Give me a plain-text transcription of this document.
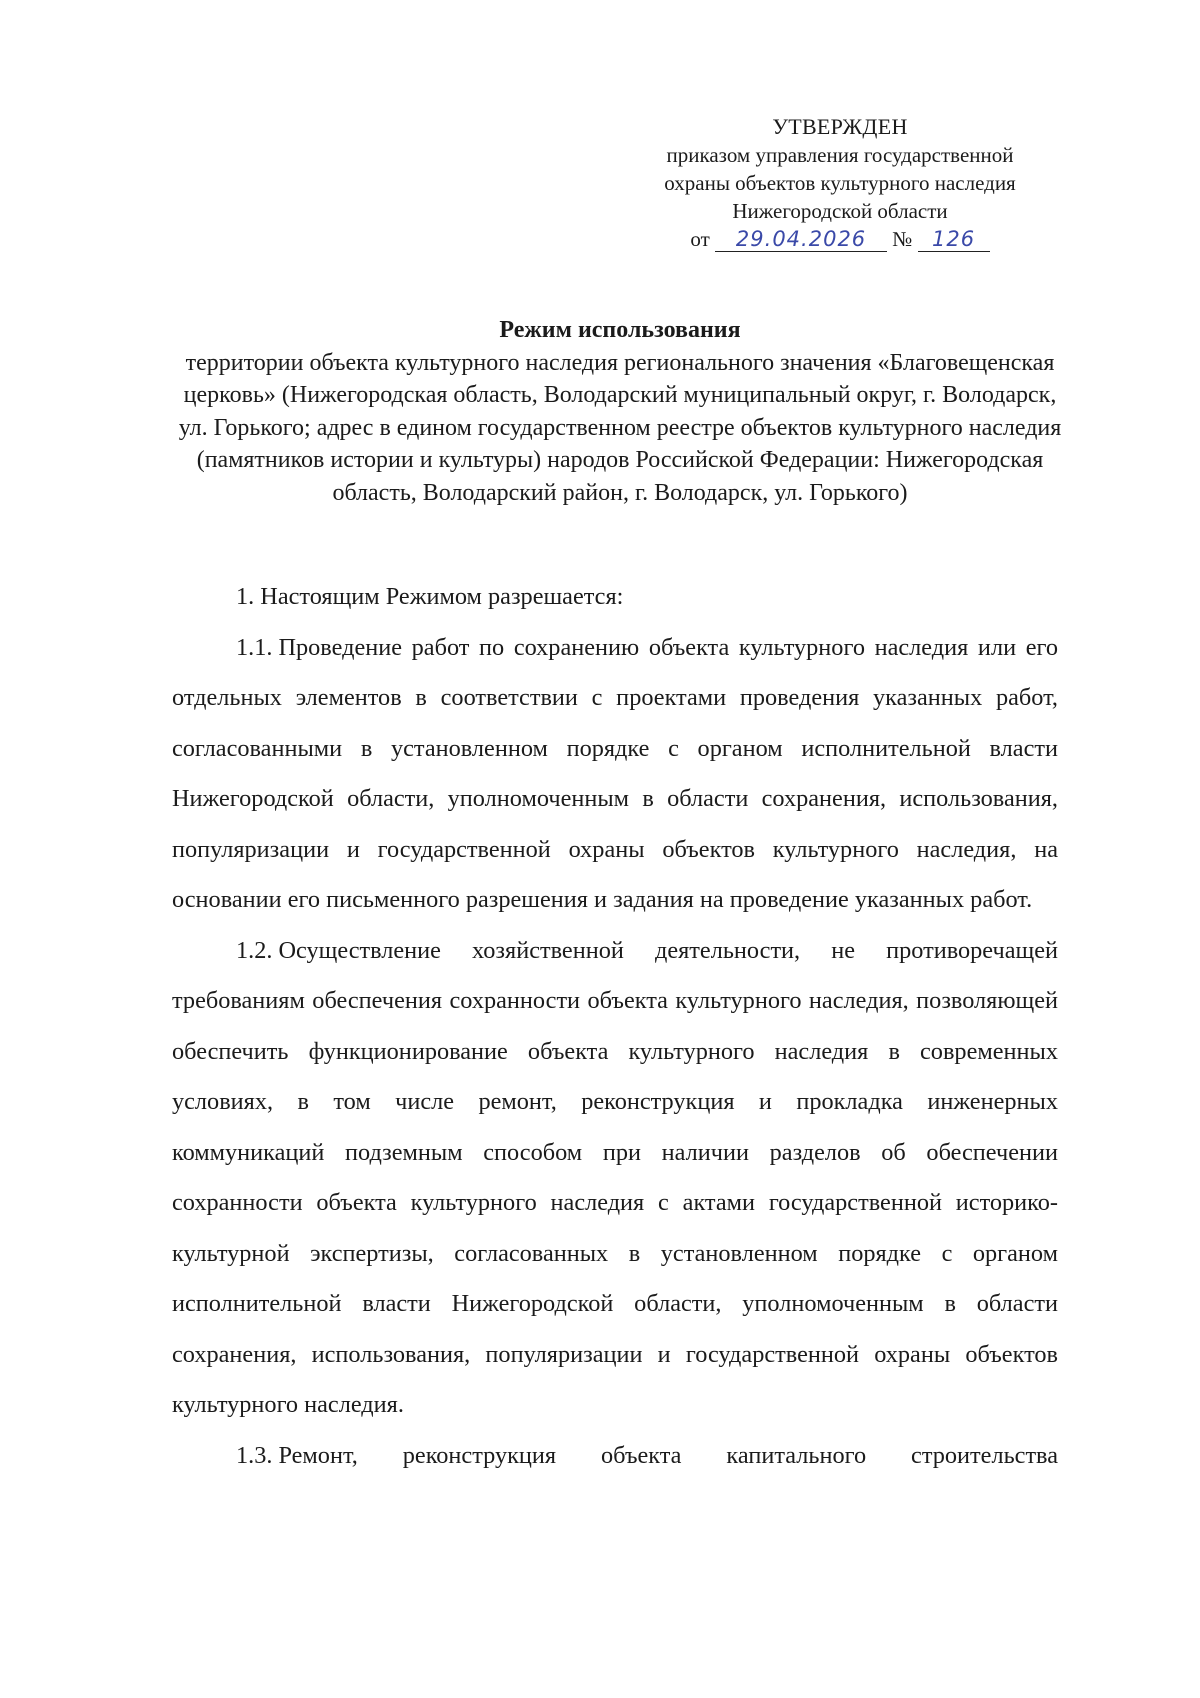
УТВЕРЖДЕН
приказом управления государственной
охраны объектов культурного наследия
Нижегородской области
от 29.04.2026 № 126
Режим использования
территории объекта культурного наследия регионального значения «Благовещенская церковь» (Нижегородская область, Володарский муниципальный округ, г. Володарск, ул. Горького; адрес в едином государственном реестре объектов культурного наследия (памятников истории и культуры) народов Российской Федерации: Нижегородская область, Володарский район, г. Володарск, ул. Горького)

1. Настоящим Режимом разрешается:

1.1. Проведение работ по сохранению объекта культурного наследия или его отдельных элементов в соответствии с проектами проведения указанных работ, согласованными в установленном порядке с органом исполнительной власти Нижегородской области, уполномоченным в области сохранения, использования, популяризации и государственной охраны объектов культурного наследия, на основании его письменного разрешения и задания на проведение указанных работ.

1.2. Осуществление хозяйственной деятельности, не противоречащей требованиям обеспечения сохранности объекта культурного наследия, позволяющей обеспечить функционирование объекта культурного наследия в современных условиях, в том числе ремонт, реконструкция и прокладка инженерных коммуникаций подземным способом при наличии разделов об обеспечении сохранности объекта культурного наследия с актами государственной историко-культурной экспертизы, согласованных в установленном порядке с органом исполнительной власти Нижегородской области, уполномоченным в области сохранения, использования, популяризации и государственной охраны объектов культурного наследия.

1.3. Ремонт, реконструкция объекта капитального строительства
